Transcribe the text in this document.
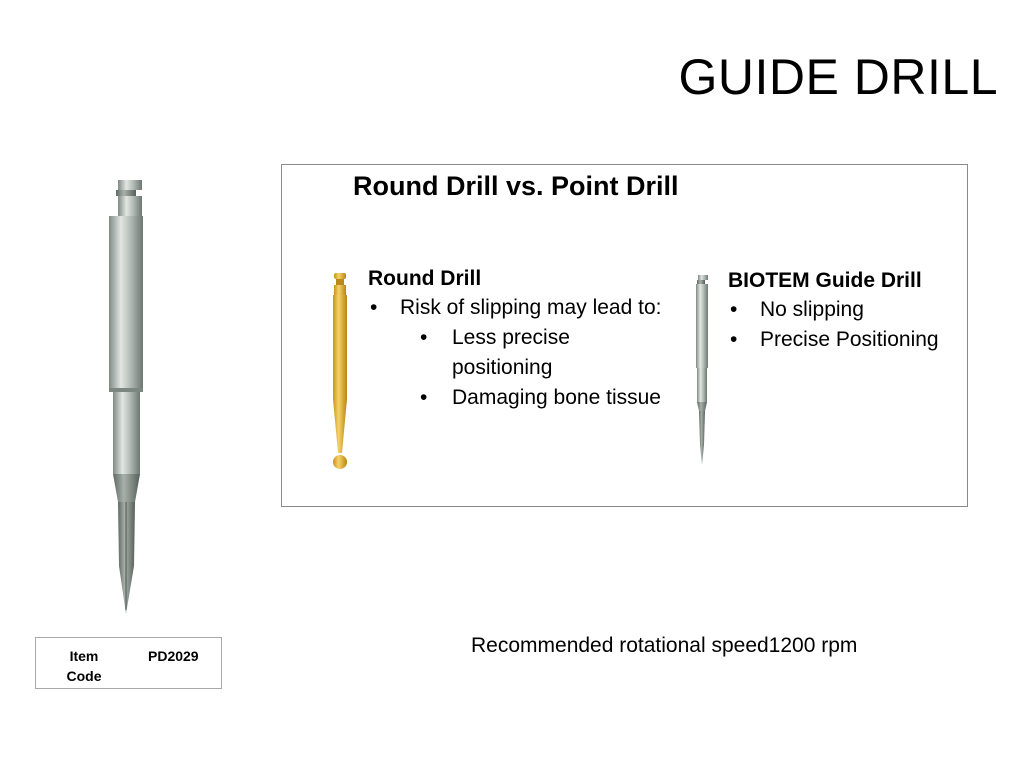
GUIDE DRILL
Round Drill vs. Point Drill
Round Drill
• Risk of slipping may lead to:
• Less precise positioning
• Damaging bone tissue
BIOTEM Guide Drill
• No slipping
• Precise Positioning
Recommended rotational speed1200 rpm
Item Code
PD2029
